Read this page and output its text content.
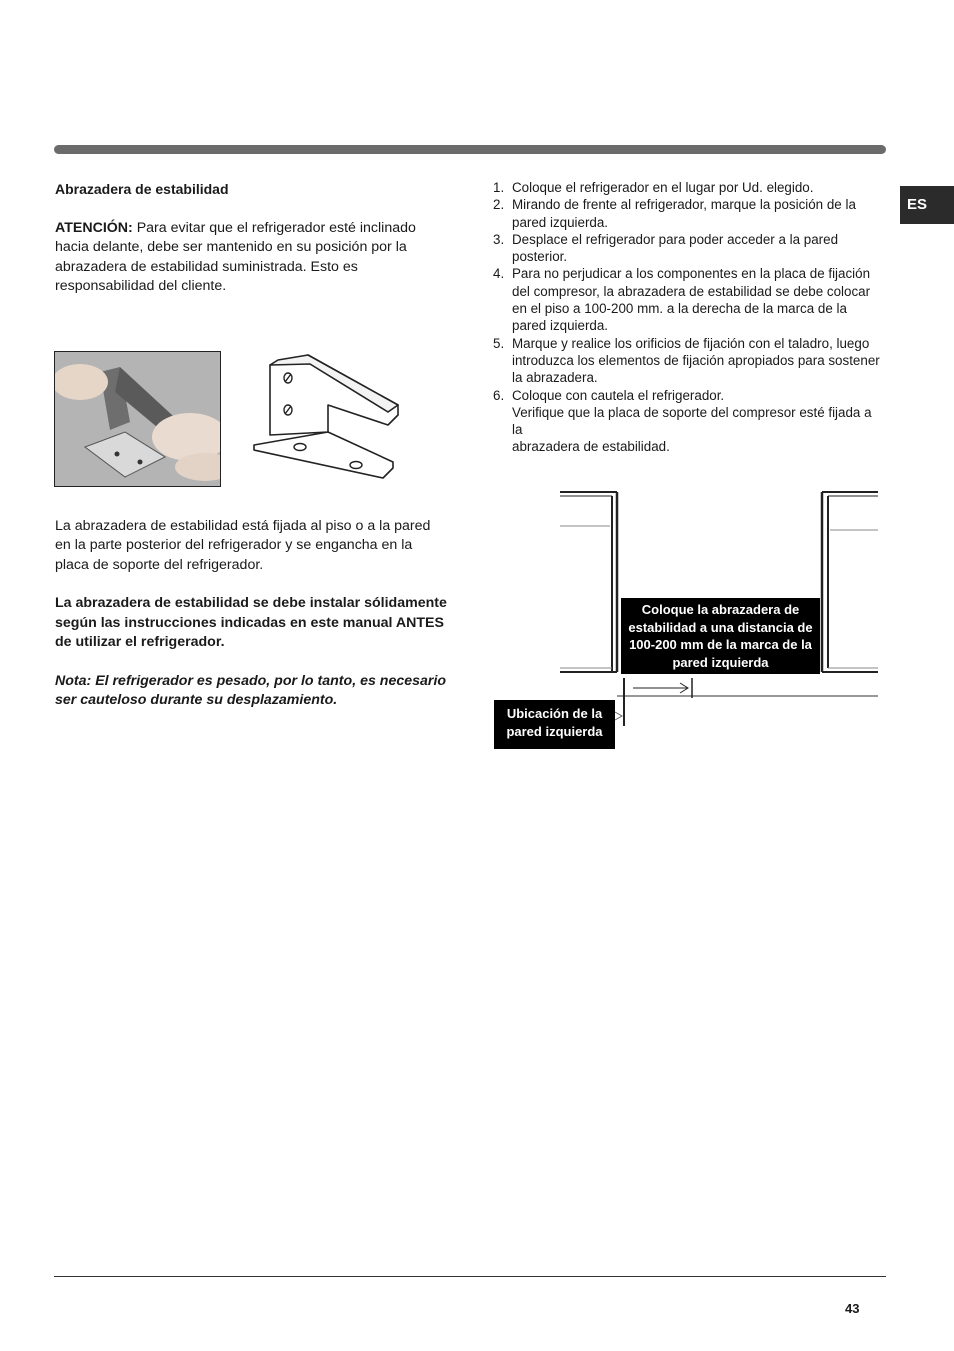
ES

Abrazadera de estabilidad

ATENCIÓN: Para evitar que el refrigerador esté inclinado hacia delante, debe ser mantenido en su posición por la abrazadera de estabilidad suministrada. Esto es responsabilidad del cliente.

La abrazadera de estabilidad está fijada al piso o a la pared en la parte posterior del refrigerador y se engancha en la placa de soporte del refrigerador.

La abrazadera de estabilidad se debe instalar sólidamente según las instrucciones indicadas en este manual ANTES de utilizar el refrigerador.

Nota: El refrigerador es pesado, por lo tanto, es necesario ser cauteloso durante su desplazamiento.

1. Coloque el refrigerador en el lugar por Ud. elegido.
2. Mirando de frente al refrigerador, marque la posición de la pared izquierda.
3. Desplace el refrigerador para poder acceder a la pared posterior.
4. Para no perjudicar a los componentes en la placa de fijación del compresor, la abrazadera de estabilidad se debe colocar en el piso a 100-200 mm. a la derecha de la marca de la pared izquierda.
5. Marque y realice los orificios de fijación con el taladro, luego introduzca los elementos de fijación apropiados para sostener la abrazadera.
6. Coloque con cautela el refrigerador.
Verifique que la placa de soporte del compresor esté fijada a la
abrazadera de estabilidad.
Coloque la abrazadera de estabilidad a una distancia de 100-200 mm de la marca de la pared izquierda
Ubicación de la pared izquierda
43
